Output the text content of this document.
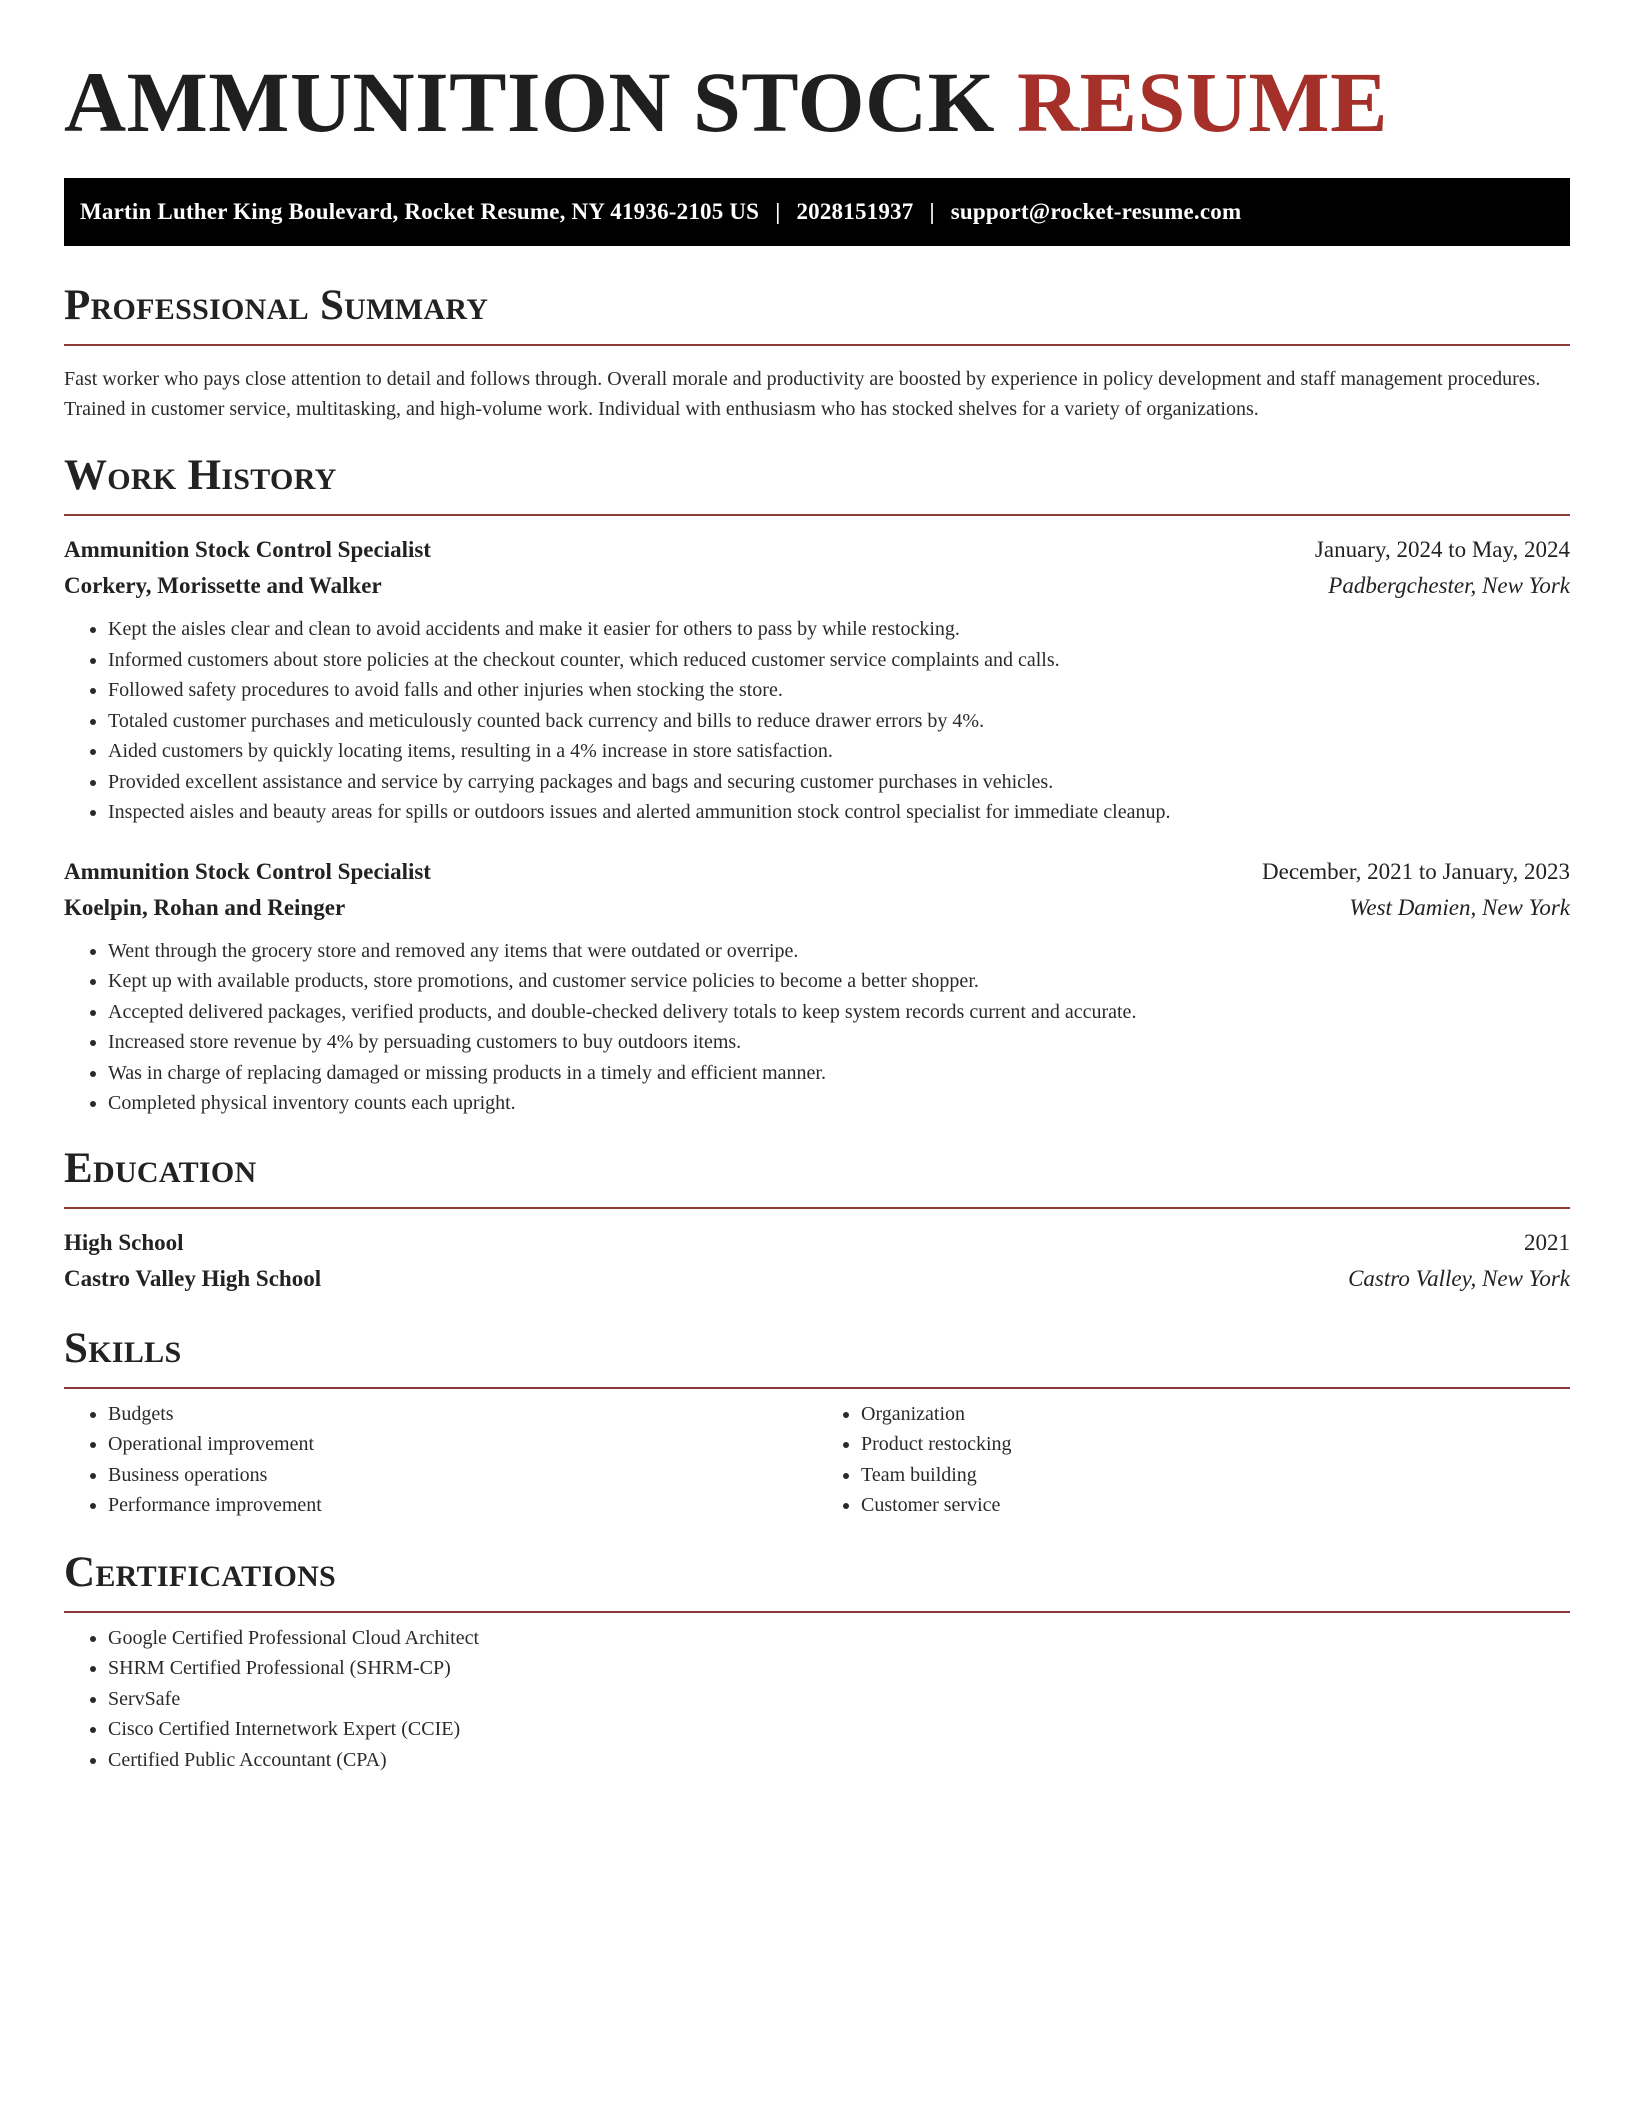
AMMUNITION STOCK RESUME
Martin Luther King Boulevard, Rocket Resume, NY 41936-2105 US | 2028151937 | support@rocket-resume.com
Professional Summary

Fast worker who pays close attention to detail and follows through. Overall morale and productivity are boosted by experience in policy development and staff management procedures. Trained in customer service, multitasking, and high-volume work. Individual with enthusiasm who has stocked shelves for a variety of organizations.

Work History
Ammunition Stock Control Specialist	January, 2024 to May, 2024
Corkery, Morissette and Walker	Padbergchester, New York
• Kept the aisles clear and clean to avoid accidents and make it easier for others to pass by while restocking.
• Informed customers about store policies at the checkout counter, which reduced customer service complaints and calls.
• Followed safety procedures to avoid falls and other injuries when stocking the store.
• Totaled customer purchases and meticulously counted back currency and bills to reduce drawer errors by 4%.
• Aided customers by quickly locating items, resulting in a 4% increase in store satisfaction.
• Provided excellent assistance and service by carrying packages and bags and securing customer purchases in vehicles.
• Inspected aisles and beauty areas for spills or outdoors issues and alerted ammunition stock control specialist for immediate cleanup.
Ammunition Stock Control Specialist	December, 2021 to January, 2023
Koelpin, Rohan and Reinger	West Damien, New York
• Went through the grocery store and removed any items that were outdated or overripe.
• Kept up with available products, store promotions, and customer service policies to become a better shopper.
• Accepted delivered packages, verified products, and double-checked delivery totals to keep system records current and accurate.
• Increased store revenue by 4% by persuading customers to buy outdoors items.
• Was in charge of replacing damaged or missing products in a timely and efficient manner.
• Completed physical inventory counts each upright.
Education
High School	2021
Castro Valley High School	Castro Valley, New York
Skills
• Budgets
• Operational improvement
• Business operations
• Performance improvement
• Organization
• Product restocking
• Team building
• Customer service
Certifications
• Google Certified Professional Cloud Architect
• SHRM Certified Professional (SHRM-CP)
• ServSafe
• Cisco Certified Internetwork Expert (CCIE)
• Certified Public Accountant (CPA)
